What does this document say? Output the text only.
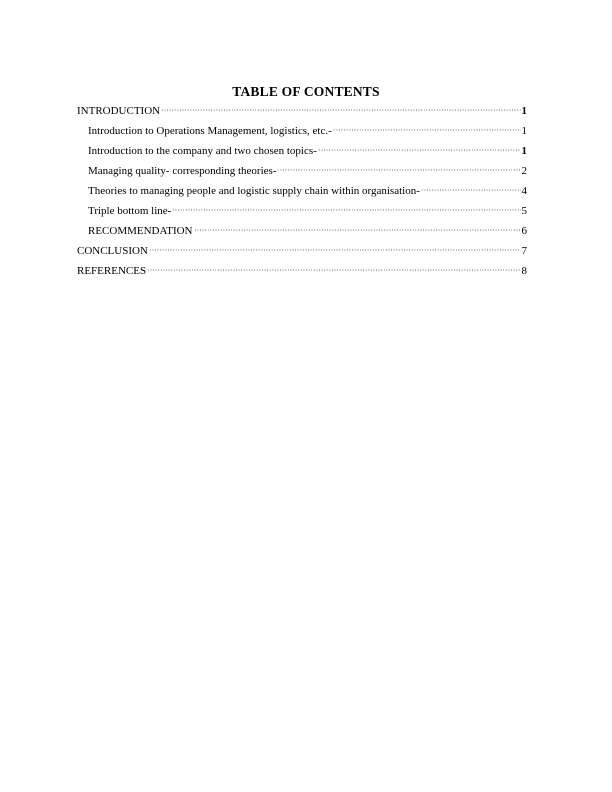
TABLE OF CONTENTS
INTRODUCTION	1
Introduction to Operations Management, logistics, etc.-	1
Introduction to the company and two chosen topics-	1
Managing quality- corresponding theories-	2
Theories to managing people and logistic supply chain within organisation-	4
Triple bottom line-	5
RECOMMENDATION	6
CONCLUSION	7
REFERENCES	8
